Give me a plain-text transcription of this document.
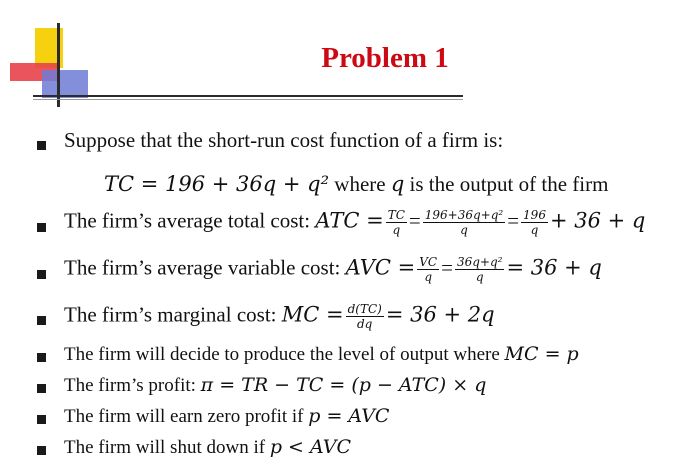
Problem 1
Suppose that the short-run cost function of a firm is:
TC = 196 + 36q + q² where q is the output of the firm
The firm’s average total cost: ATC = $\frac{TC}{q} = \frac{\text{196+36q+q²}}{q} = \frac{196}{q} + 36 + q$
The firm’s average variable cost: AVC = $\frac{VC}{q} = \frac{\text{36q+q²}}{q} = 36 + q$
The firm’s marginal cost: MC = $\frac{d(TC)}{dq} = 36 + 2q$
The firm will decide to produce the level of output where MC = p
The firm’s profit: π = TR − TC = (p − ATC) × q
The firm will earn zero profit if p = AVC
The firm will shut down if p < AVC
